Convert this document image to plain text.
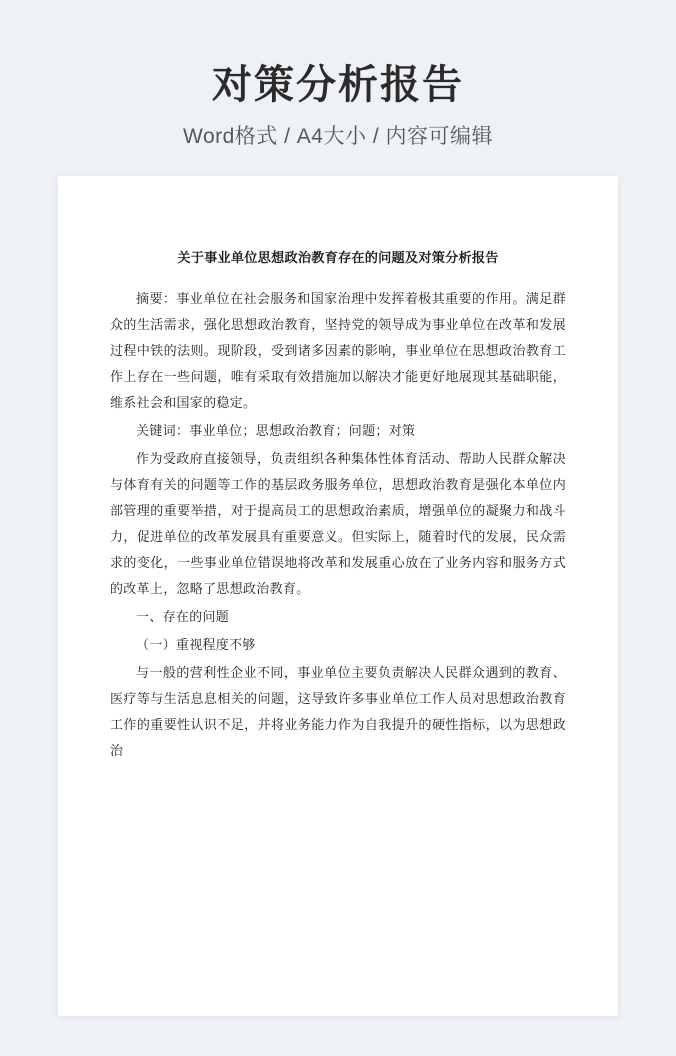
对策分析报告
Word格式 / A4大小 / 内容可编辑
关于事业单位思想政治教育存在的问题及对策分析报告

摘要：事业单位在社会服务和国家治理中发挥着极其重要的作用。满足群众的生活需求，强化思想政治教育，坚持党的领导成为事业单位在改革和发展过程中铁的法则。现阶段，受到诸多因素的影响，事业单位在思想政治教育工作上存在一些问题，唯有采取有效措施加以解决才能更好地展现其基础职能，维系社会和国家的稳定。

关键词：事业单位；思想政治教育；问题；对策

作为受政府直接领导，负责组织各种集体性体育活动、帮助人民群众解决与体育有关的问题等工作的基层政务服务单位，思想政治教育是强化本单位内部管理的重要举措，对于提高员工的思想政治素质，增强单位的凝聚力和战斗力，促进单位的改革发展具有重要意义。但实际上，随着时代的发展，民众需求的变化，一些事业单位错误地将改革和发展重心放在了业务内容和服务方式的改革上，忽略了思想政治教育。

一、存在的问题

（一）重视程度不够

与一般的营利性企业不同，事业单位主要负责解决人民群众遇到的教育、医疗等与生活息息相关的问题，这导致许多事业单位工作人员对思想政治教育工作的重要性认识不足，并将业务能力作为自我提升的硬性指标，以为思想政治
